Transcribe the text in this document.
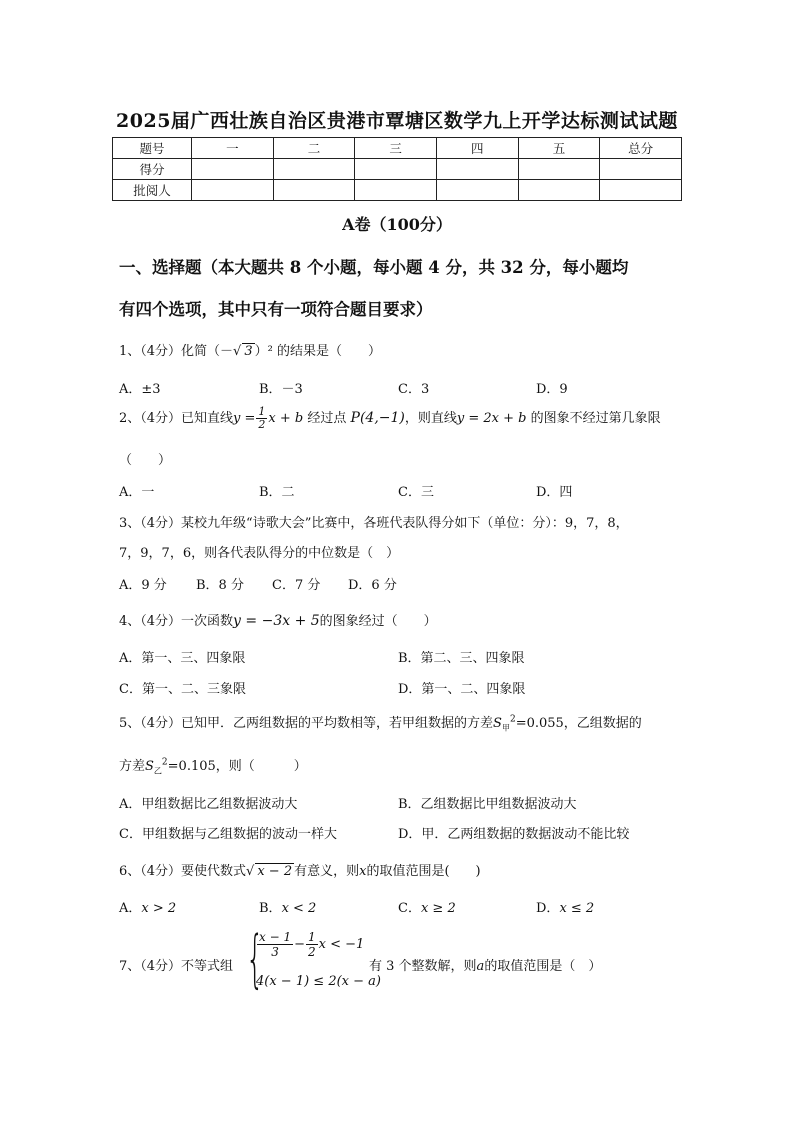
2025届广西壮族自治区贵港市覃塘区数学九上开学达标测试试题
题号	一	二	三	四	五	总分
得分						
批阅人						
A卷（100分）
一、选择题（本大题共 8 个小题，每小题 4 分，共 32 分，每小题均
有四个选项，其中只有一项符合题目要求）
1、（4分）化简（－√ 3 ）² 的结果是（　　）
A．±3	B．－3	C．3	D．9
2、（4分）已知直线$y = \frac{1}{2}$ x + b 经过点 P(4,−1)，则直线y = 2x + b 的图象不经过第几象限
（　　）
A．一	B．二	C．三	D．四
3、（4分）某校九年级“诗歌大会”比赛中，各班代表队得分如下（单位：分）：9，7，8，
7，9，7，6，则各代表队得分的中位数是（　）
A．9 分 B．8 分 C．7 分 D．6 分
4、（4分）一次函数y = −3x + 5的图象经过（　　）
A．第一、三、四象限	B．第二、三、四象限
C．第一、二、三象限	D．第一、二、四象限
5、（4分）已知甲．乙两组数据的平均数相等，若甲组数据的方差$S_甲^2=0.055$，乙组数据的
方差$S_乙^2=0.105$，则（　　　）
A．甲组数据比乙组数据波动大	B．乙组数据比甲组数据波动大
C．甲组数据与乙组数据的波动一样大	D．甲．乙两组数据的数据波动不能比较
6、（4分）要使代数式√ x − 2 有意义，则x的取值范围是(　　)
A．x > 2	B．x < 2	C．x ≥ 2	D．x ≤ 2
7、（4分）不等式组 {
$\frac{x - 1}{3} - \frac{1}{2}$ x < −1
4(x − 1) ≤ 2(x − a)
有 3 个整数解，则a的取值范围是（　）
